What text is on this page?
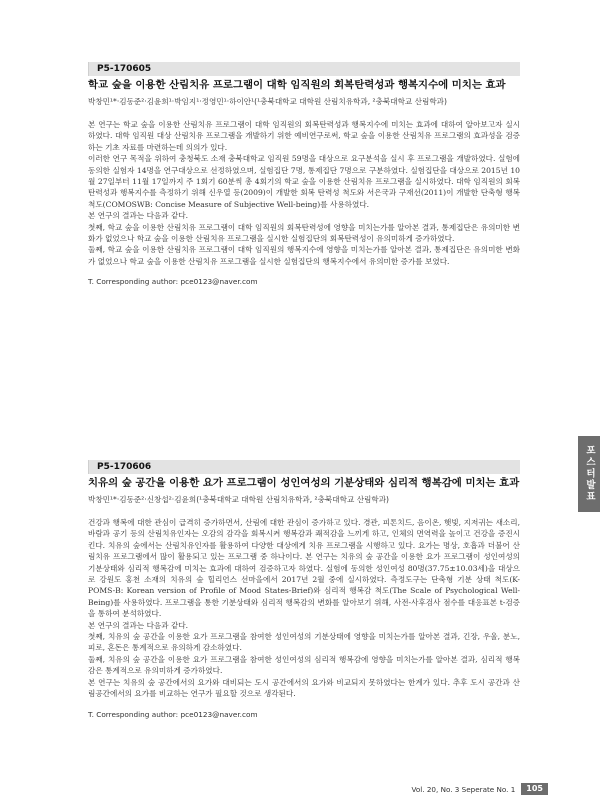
P5-170605
학교 숲을 이용한 산림치유 프로그램이 대학 임직원의 회복탄력성과 행복지수에 미치는 효과
박창민¹*·김동준²·김윤희¹·박임지¹·정영민¹·하이안¹(¹충북대학교 대학원 산림치유학과, ²충북대학교 산림학과)

본 연구는 학교 숲을 이용한 산림치유 프로그램이 대학 임직원의 회복탄력성과 행복지수에 미치는 효과에 대하여 알아보고자 실시하였다. 대학 임직원 대상 산림치유 프로그램을 개발하기 위한 예비연구로써, 학교 숲을 이용한 산림치유 프로그램의 효과성을 검증하는 기초 자료를 마련하는데 의의가 있다.

이러한 연구 목적을 위하여 충청북도 소재 충북대학교 임직원 59명을 대상으로 요구분석을 실시 후 프로그램을 개발하였다. 실험에 동의한 실험자 14명을 연구대상으로 선정하였으며, 실험집단 7명, 통제집단 7명으로 구분하였다. 실험집단을 대상으로 2015년 10월 27일부터 11월 17일까지 주 1회기 60분씩 총 4회기의 학교 숲을 이용한 산림치유 프로그램을 실시하였다. 대학 임직원의 회복탄력성과 행복지수를 측정하기 위해 신우열 등(2009)이 개발한 회복 탄력성 척도와 서은국과 구재선(2011)이 개발한 단축형 행복척도(COMOSWB: Concise Measure of Subjective Well-being)를 사용하였다.

본 연구의 결과는 다음과 같다.

첫째, 학교 숲을 이용한 산림치유 프로그램이 대학 임직원의 회복탄력성에 영향을 미치는가를 알아본 결과, 통제집단은 유의미한 변화가 없었으나 학교 숲을 이용한 산림치유 프로그램을 실시한 실험집단의 회복탄력성이 유의미하게 증가하였다.

둘째, 학교 숲을 이용한 산림치유 프로그램이 대학 임직원의 행복지수에 영향을 미치는가를 알아본 결과, 통제집단은 유의미한 변화가 없었으나 학교 숲을 이용한 산림치유 프로그램을 실시한 실험집단의 행복지수에서 유의미한 증가를 보였다.

T. Corresponding author: pce0123@naver.com
P5-170606
치유의 숲 공간을 이용한 요가 프로그램이 성인여성의 기분상태와 심리적 행복감에 미치는 효과
박창민¹*·김동준²·신창섭²·김윤희(¹충북대학교 대학원 산림치유학과, ²충북대학교 산림학과)

건강과 행복에 대한 관심이 급격히 증가하면서, 산림에 대한 관심이 증가하고 있다. 경관, 피톤치드, 음이온, 햇빛, 지저귀는 새소리, 바람과 공기 등의 산림치유인자는 오감의 감각을 회복시켜 행복감과 쾌적감을 느끼게 하고, 인체의 면역력을 높이고 건강을 증진시킨다. 치유의 숲에서는 산림치유인자를 활용하여 다양한 대상에게 치유 프로그램을 시행하고 있다. 요가는 명상, 호흡과 더불어 산림치유 프로그램에서 많이 활용되고 있는 프로그램 중 하나이다. 본 연구는 치유의 숲 공간을 이용한 요가 프로그램이 성인여성의 기분상태와 심리적 행복감에 미치는 효과에 대하여 검증하고자 하였다. 실험에 동의한 성인여성 80명(37.75±10.03세)을 대상으로 강원도 홍천 소재의 치유의 숲 힐리언스 선마을에서 2017년 2월 중에 실시하였다. 측정도구는 단축형 기분 상태 척도(K-POMS-B: Korean version of Profile of Mood States-Brief)와 심리적 행복감 척도(The Scale of Psychological Well-Being)를 사용하였다. 프로그램을 통한 기분상태와 심리적 행복감의 변화를 알아보기 위해, 사전-사후검사 점수를 대응표본 t-검증을 통하여 분석하였다.

본 연구의 결과는 다음과 같다.

첫째, 치유의 숲 공간을 이용한 요가 프로그램을 참여한 성인여성의 기분상태에 영향을 미치는가를 알아본 결과, 긴장, 우울, 분노, 피로, 혼돈은 통계적으로 유의하게 감소하였다.

둘째, 치유의 숲 공간을 이용한 요가 프로그램을 참여한 성인여성의 심리적 행복감에 영향을 미치는가를 알아본 결과, 심리적 행복감은 통계적으로 유의미하게 증가하였다.

본 연구는 치유의 숲 공간에서의 요가와 대비되는 도시 공간에서의 요가와 비교되지 못하였다는 한계가 있다. 추후 도시 공간과 산림공간에서의 요가를 비교하는 연구가 필요할 것으로 생각된다.

T. Corresponding author: pce0123@naver.com
포스터발표
Vol. 20, No. 3 Seperate No. 1	105
